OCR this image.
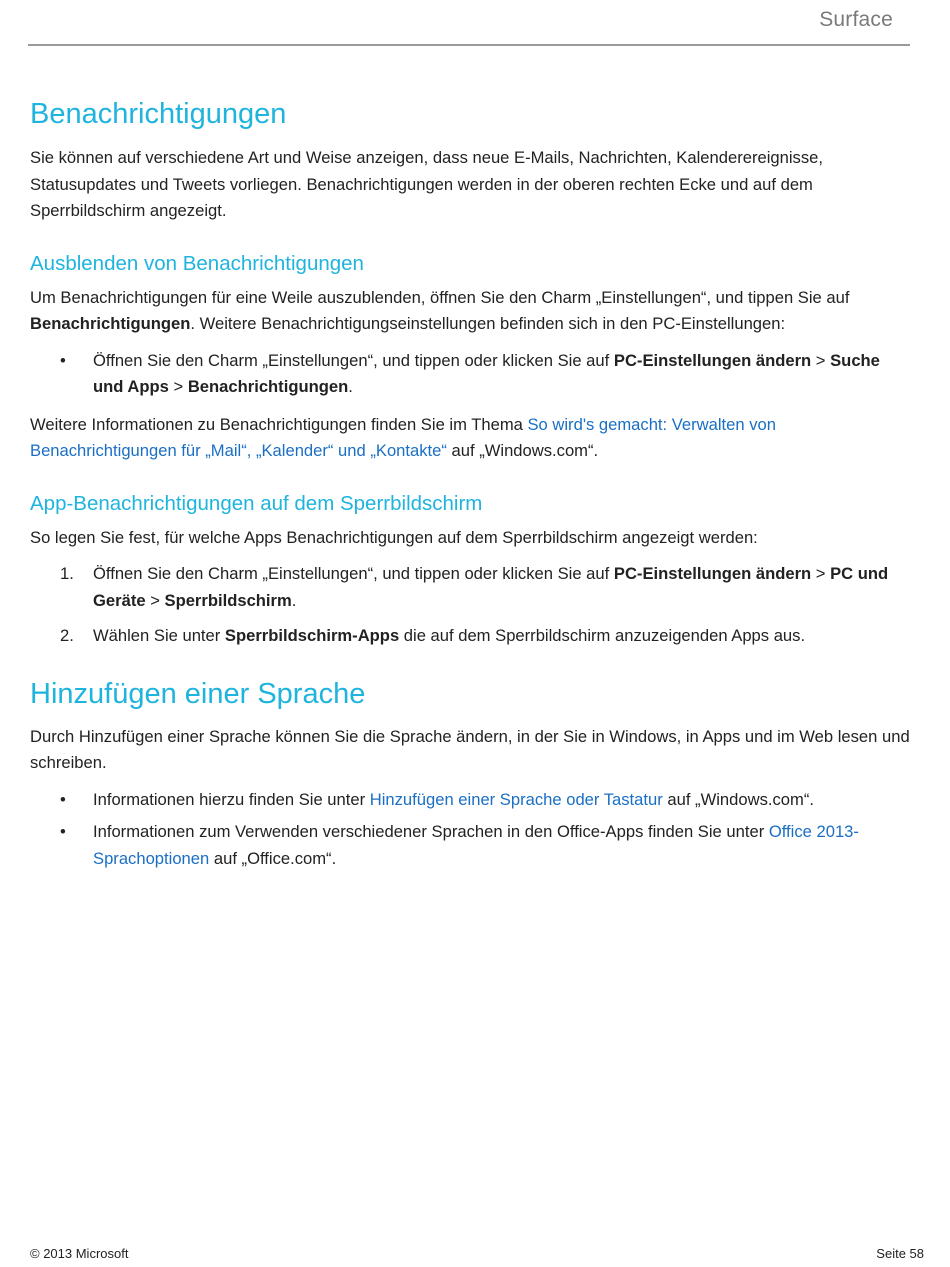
Surface
Benachrichtigungen

Sie können auf verschiedene Art und Weise anzeigen, dass neue E-Mails, Nachrichten, Kalenderereignisse, Statusupdates und Tweets vorliegen. Benachrichtigungen werden in der oberen rechten Ecke und auf dem Sperrbildschirm angezeigt.

Ausblenden von Benachrichtigungen

Um Benachrichtigungen für eine Weile auszublenden, öffnen Sie den Charm „Einstellungen“, und tippen Sie auf Benachrichtigungen. Weitere Benachrichtigungseinstellungen befinden sich in den PC-Einstellungen:

• Öffnen Sie den Charm „Einstellungen“, und tippen oder klicken Sie auf PC-Einstellungen ändern > Suche und Apps > Benachrichtigungen.

Weitere Informationen zu Benachrichtigungen finden Sie im Thema So wird's gemacht: Verwalten von Benachrichtigungen für „Mail“, „Kalender“ und „Kontakte“ auf „Windows.com“.

App-Benachrichtigungen auf dem Sperrbildschirm

So legen Sie fest, für welche Apps Benachrichtigungen auf dem Sperrbildschirm angezeigt werden:

1. Öffnen Sie den Charm „Einstellungen“, und tippen oder klicken Sie auf PC-Einstellungen ändern > PC und Geräte > Sperrbildschirm.
2. Wählen Sie unter Sperrbildschirm-Apps die auf dem Sperrbildschirm anzuzeigenden Apps aus.
Hinzufügen einer Sprache

Durch Hinzufügen einer Sprache können Sie die Sprache ändern, in der Sie in Windows, in Apps und im Web lesen und schreiben.

• Informationen hierzu finden Sie unter Hinzufügen einer Sprache oder Tastatur auf „Windows.com“.
• Informationen zum Verwenden verschiedener Sprachen in den Office-Apps finden Sie unter Office 2013-Sprachoptionen auf „Office.com“.
© 2013 Microsoft	Seite 58
